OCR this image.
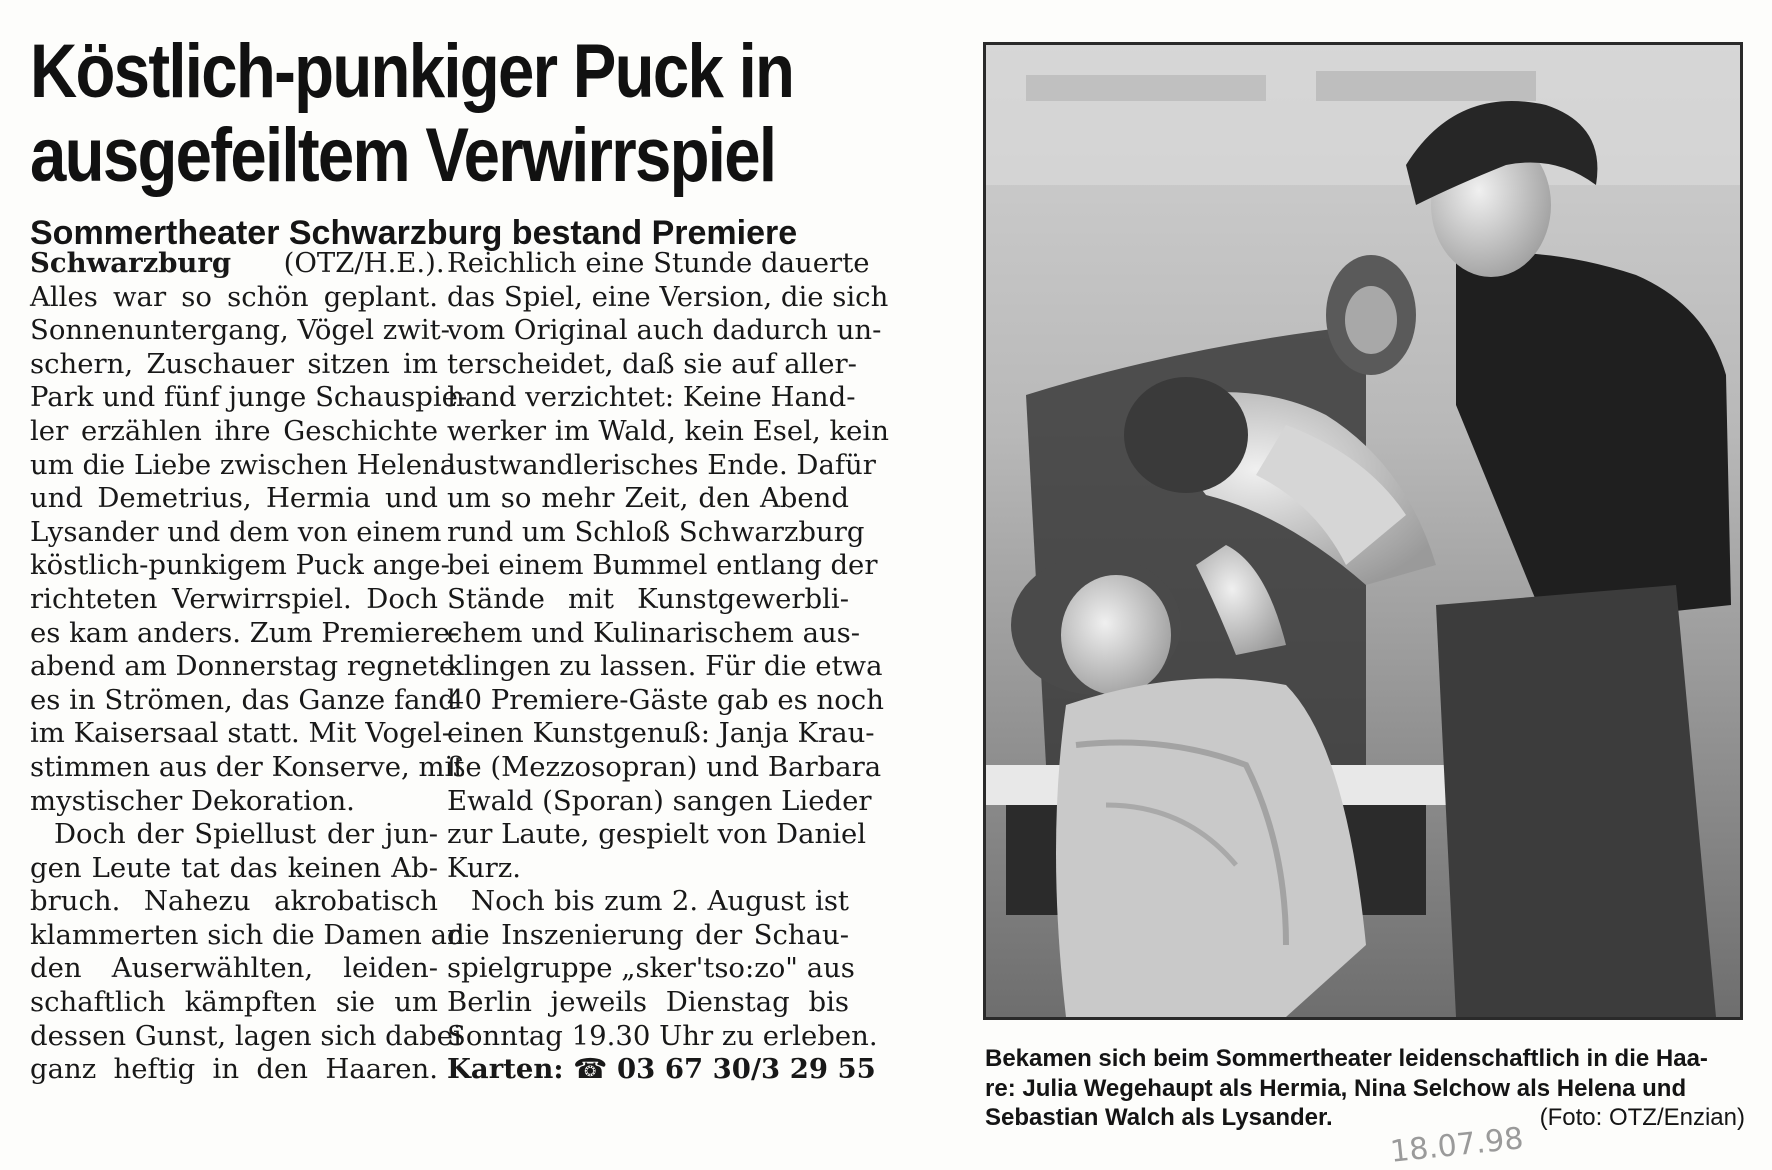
Köstlich-punkiger Puck in
ausgefeiltem Verwirrspiel
Sommertheater Schwarzburg bestand Premiere
Schwarzburg (OTZ/H.E.).
Alles war so schön geplant.
Sonnenuntergang, Vögel zwit-
schern, Zuschauer sitzen im
Park und fünf junge Schauspie-
ler erzählen ihre Geschichte
um die Liebe zwischen Helena
und Demetrius, Hermia und
Lysander und dem von einem
köstlich-punkigem Puck ange-
richteten Verwirrspiel. Doch
es kam anders. Zum Premiere-
abend am Donnerstag regnete
es in Strömen, das Ganze fand
im Kaisersaal statt. Mit Vogel-
stimmen aus der Konserve, mit
mystischer Dekoration.
Doch der Spiellust der jun-
gen Leute tat das keinen Ab-
bruch. Nahezu akrobatisch
klammerten sich die Damen an
den Auserwählten, leiden-
schaftlich kämpften sie um
dessen Gunst, lagen sich dabei
ganz heftig in den Haaren.
Reichlich eine Stunde dauerte
das Spiel, eine Version, die sich
vom Original auch dadurch un-
terscheidet, daß sie auf aller-
hand verzichtet: Keine Hand-
werker im Wald, kein Esel, kein
lustwandlerisches Ende. Dafür
um so mehr Zeit, den Abend
rund um Schloß Schwarzburg
bei einem Bummel entlang der
Stände mit Kunstgewerbli-
chem und Kulinarischem aus-
klingen zu lassen. Für die etwa
40 Premiere-Gäste gab es noch
einen Kunstgenuß: Janja Krau-
ße (Mezzosopran) und Barbara
Ewald (Sporan) sangen Lieder
zur Laute, gespielt von Daniel
Kurz.
Noch bis zum 2. August ist
die Inszenierung der Schau-
spielgruppe „sker'tso:zo" aus
Berlin jeweils Dienstag bis
Sonntag 19.30 Uhr zu erleben.
Karten: ☎ 03 67 30/3 29 55	Bekamen sich beim Sommertheater leidenschaftlich in die Haa-
re: Julia Wegehaupt als Hermia, Nina Selchow als Helena und
Sebastian Walch als Lysander.	(Foto: OTZ/Enzian)
18.07.98
